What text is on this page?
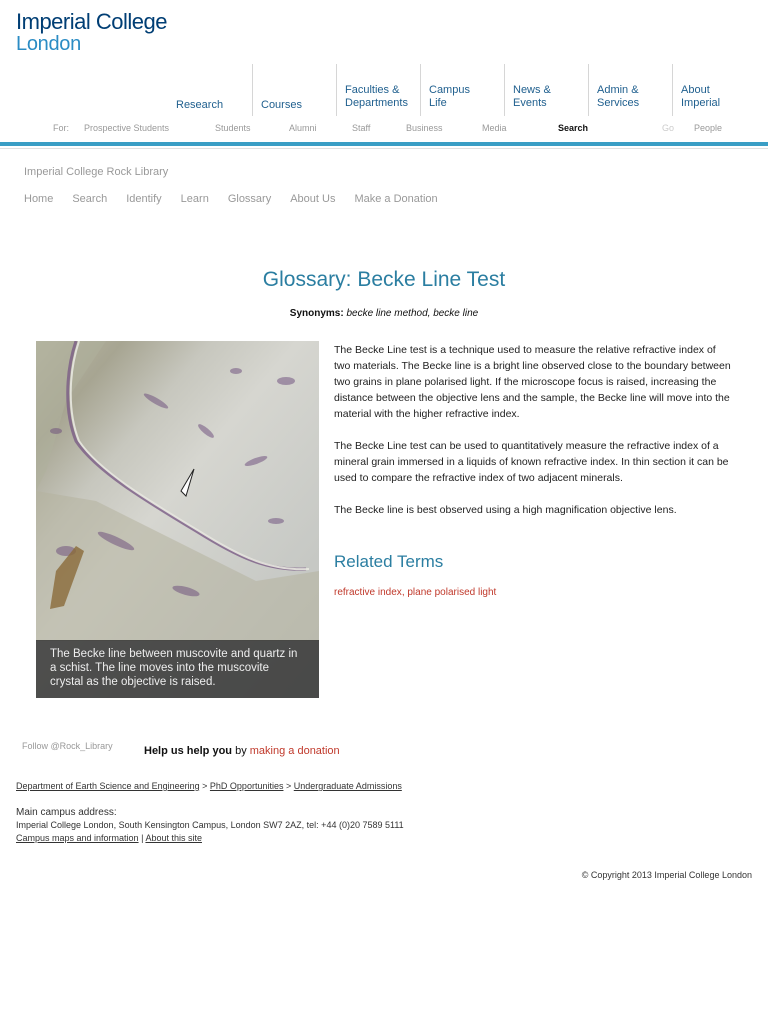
Imperial College
London
Research	Courses
Faculties &
Departments
Campus
Life
News &
Events
Admin &
Services
About
Imperial
For: Prospective Students	Students	Alumni	Staff	Business	Media	Search	Go People
Imperial College Rock Library
Home Search Identify Learn Glossary About Us Make a Donation
Glossary: Becke Line Test
Synonyms: becke line method, becke line
The Becke line between muscovite and quartz in a schist. The line moves into the muscovite crystal as the objective is raised.

The Becke Line test is a technique used to measure the relative refractive index of two materials. The Becke line is a bright line observed close to the boundary between two grains in plane polarised light. If the microscope focus is raised, increasing the distance between the objective lens and the sample, the Becke line will move into the material with the higher refractive index.

The Becke Line test can be used to quantitatively measure the refractive index of a mineral grain immersed in a liquids of known refractive index. In thin section it can be used to compare the refractive index of two adjacent minerals.

The Becke line is best observed using a high magnification objective lens.

Related Terms
refractive index, plane polarised light
Follow @Rock_Library	Help us help you by making a donation
Department of Earth Science and Engineering > PhD Opportunities > Undergraduate Admissions
Main campus address:
Imperial College London, South Kensington Campus, London SW7 2AZ, tel: +44 (0)20 7589 5111
Campus maps and information | About this site
© Copyright 2013 Imperial College London
